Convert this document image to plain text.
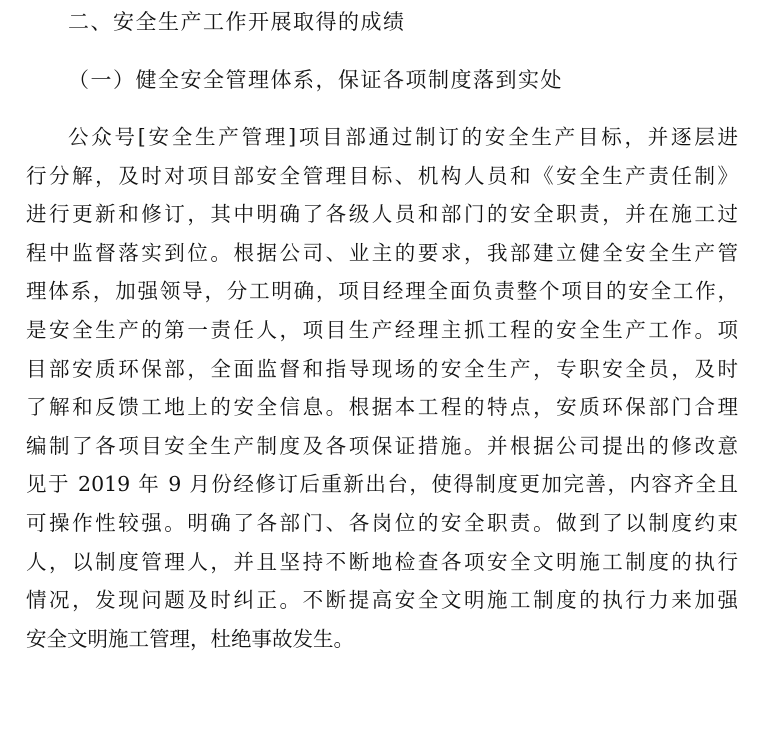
二、安全生产工作开展取得的成绩
（一）健全安全管理体系，保证各项制度落到实处
公众号[安全生产管理]项目部通过制订的安全生产目标，并逐层进
行分解，及时对项目部安全管理目标、机构人员和《安全生产责任制》
进行更新和修订，其中明确了各级人员和部门的安全职责，并在施工过
程中监督落实到位。根据公司、业主的要求，我部建立健全安全生产管
理体系，加强领导，分工明确，项目经理全面负责整个项目的安全工作，
是安全生产的第一责任人，项目生产经理主抓工程的安全生产工作。项
目部安质环保部，全面监督和指导现场的安全生产，专职安全员，及时
了解和反馈工地上的安全信息。根据本工程的特点，安质环保部门合理
编制了各项目安全生产制度及各项保证措施。并根据公司提出的修改意
见于 2019 年 9 月份经修订后重新出台，使得制度更加完善，内容齐全且
可操作性较强。明确了各部门、各岗位的安全职责。做到了以制度约束
人，以制度管理人，并且坚持不断地检查各项安全文明施工制度的执行
情况，发现问题及时纠正。不断提高安全文明施工制度的执行力来加强
安全文明施工管理，杜绝事故发生。
